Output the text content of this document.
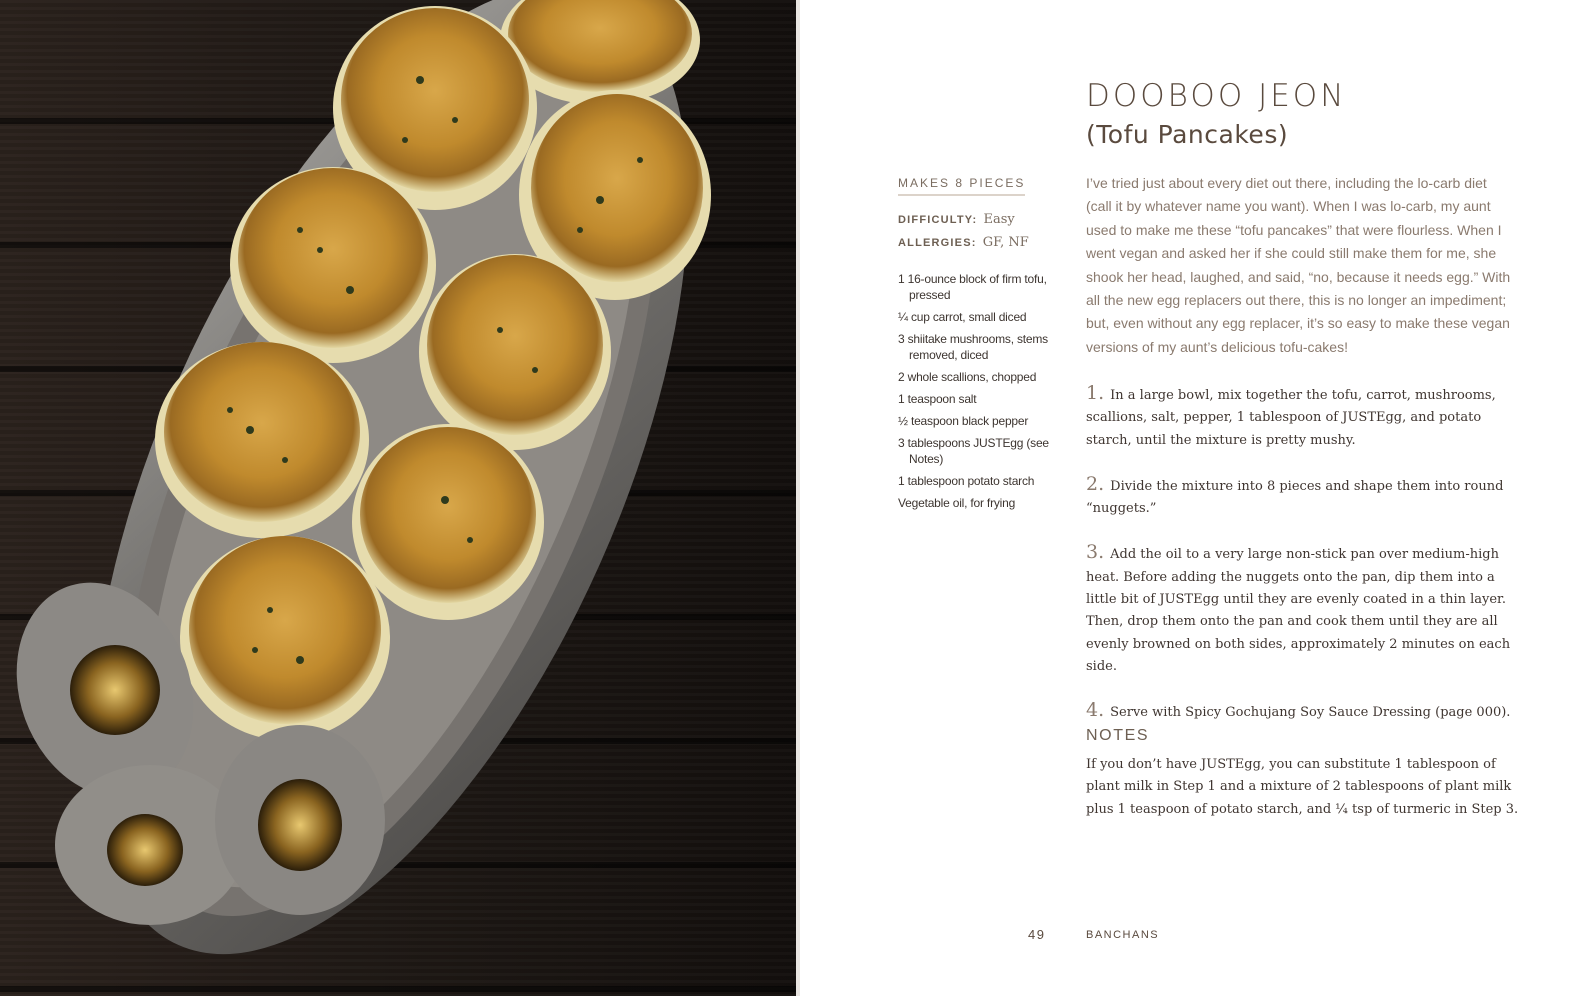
DOOBOO JEON
(Tofu Pancakes)
MAKES 8 PIECES
DIFFICULTY: Easy
ALLERGIES: GF, NF
1 16-ounce block of firm tofu, pressed
¼ cup carrot, small diced
3 shiitake mushrooms, stems removed, diced
2 whole scallions, chopped
1 teaspoon salt
½ teaspoon black pepper
3 tablespoons JUSTEgg (see Notes)
1 tablespoon potato starch
Vegetable oil, for frying

I’ve tried just about every diet out there, including the lo-carb diet (call it by whatever name you want). When I was lo-carb, my aunt used to make me these “tofu pancakes” that were flourless. When I went vegan and asked her if she could still make them for me, she shook her head, laughed, and said, “no, because it needs egg.” With all the new egg replacers out there, this is no longer an impediment; but, even without any egg replacer, it’s so easy to make these vegan versions of my aunt’s delicious tofu-cakes!

1. In a large bowl, mix together the tofu, carrot, mushrooms, scallions, salt, pepper, 1 tablespoon of JUSTEgg, and potato starch, until the mixture is pretty mushy.

2. Divide the mixture into 8 pieces and shape them into round “nuggets.”

3. Add the oil to a very large non-stick pan over medium-high heat. Before adding the nuggets onto the pan, dip them into a little bit of JUSTEgg until they are evenly coated in a thin layer. Then, drop them onto the pan and cook them until they are all evenly browned on both sides, approximately 2 minutes on each side.

4. Serve with Spicy Gochujang Soy Sauce Dressing (page 000).

NOTES

If you don’t have JUSTEgg, you can substitute 1 tablespoon of plant milk in Step 1 and a mixture of 2 tablespoons of plant milk plus 1 teaspoon of potato starch, and ¼ tsp of turmeric in Step 3.

49	BANCHANS
